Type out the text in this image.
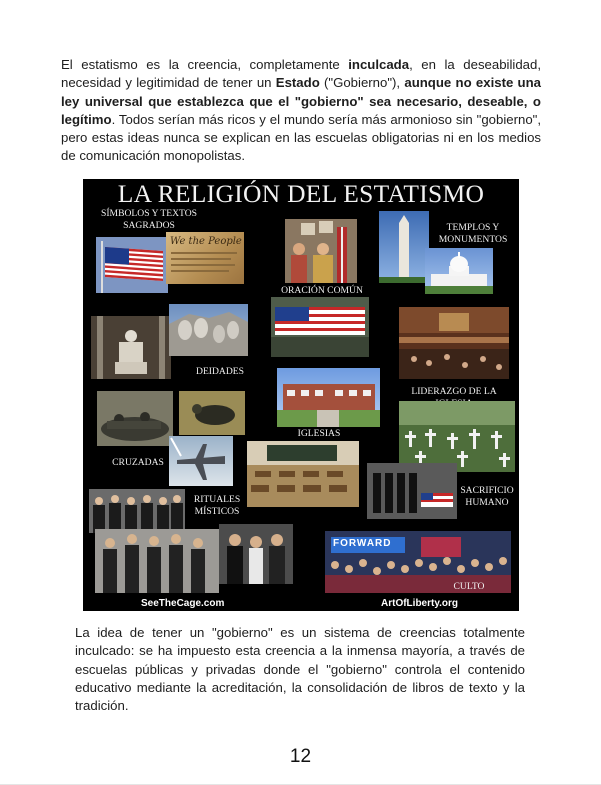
El estatismo es la creencia, completamente inculcada, en la deseabilidad, necesidad y legitimidad de tener un Estado ("Gobierno"), aunque no existe una ley universal que establezca que el "gobierno" sea necesario, deseable, o legítimo. Todos serían más ricos y el mundo sería más armonioso sin "gobierno", pero estas ideas nunca se explican en las escuelas obligatorias ni en los medios de comunicación monopolistas.
LA RELIGIÓN DEL ESTATISMO
We the People
SÍMBOLOS Y TEXTOS
SAGRADOS
ORACIÓN COMÚN
TEMPLOS Y
MONUMENTOS
DEIDADES
LIDERAZGO DE LA

IGLESIAS
CRUZADAS
SACRIFICIO
HUMANO
RITUALES
MÍSTICOS
FORWARD
CULTO
SeeTheCage.com	ArtOfLiberty.org
La idea de tener un "gobierno" es un sistema de creencias totalmente inculcado: se ha impuesto esta creencia a la inmensa mayoría, a través de escuelas públicas y privadas donde el "gobierno" controla el contenido educativo mediante la acreditación, la consolidación de libros de texto y la tradición.
12
